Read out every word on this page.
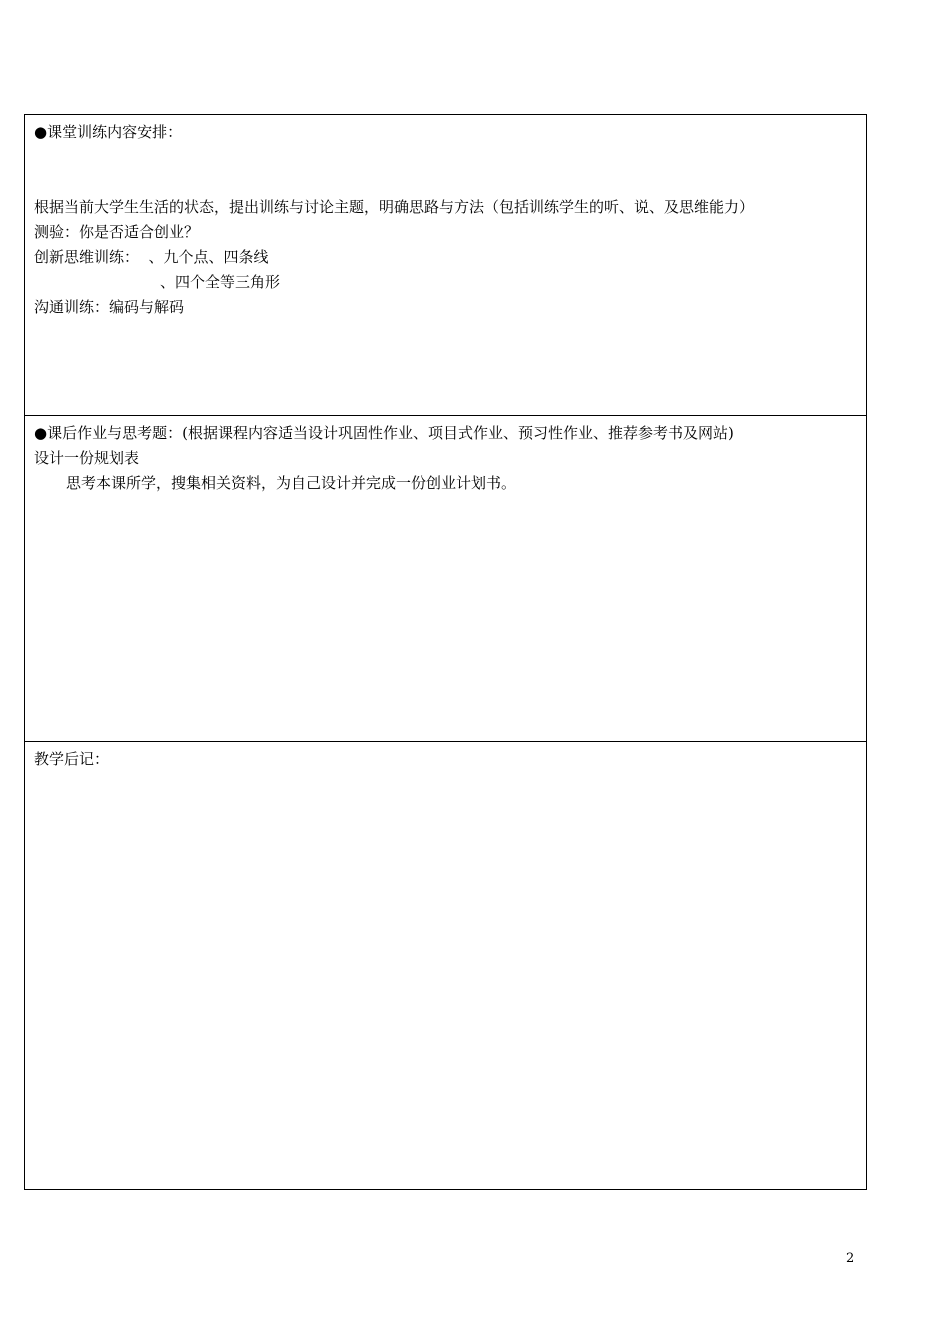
●课堂训练内容安排：
根据当前大学生生活的状态，提出训练与讨论主题，明确思路与方法（包括训练学生的听、说、及思维能力）
测验：你是否适合创业？
创新思维训练：  、九个点、四条线
、四个全等三角形
沟通训练：编码与解码
●课后作业与思考题：(根据课程内容适当设计巩固性作业、项目式作业、预习性作业、推荐参考书及网站)
设计一份规划表
思考本课所学，搜集相关资料，为自己设计并完成一份创业计划书。
教学后记：
2
